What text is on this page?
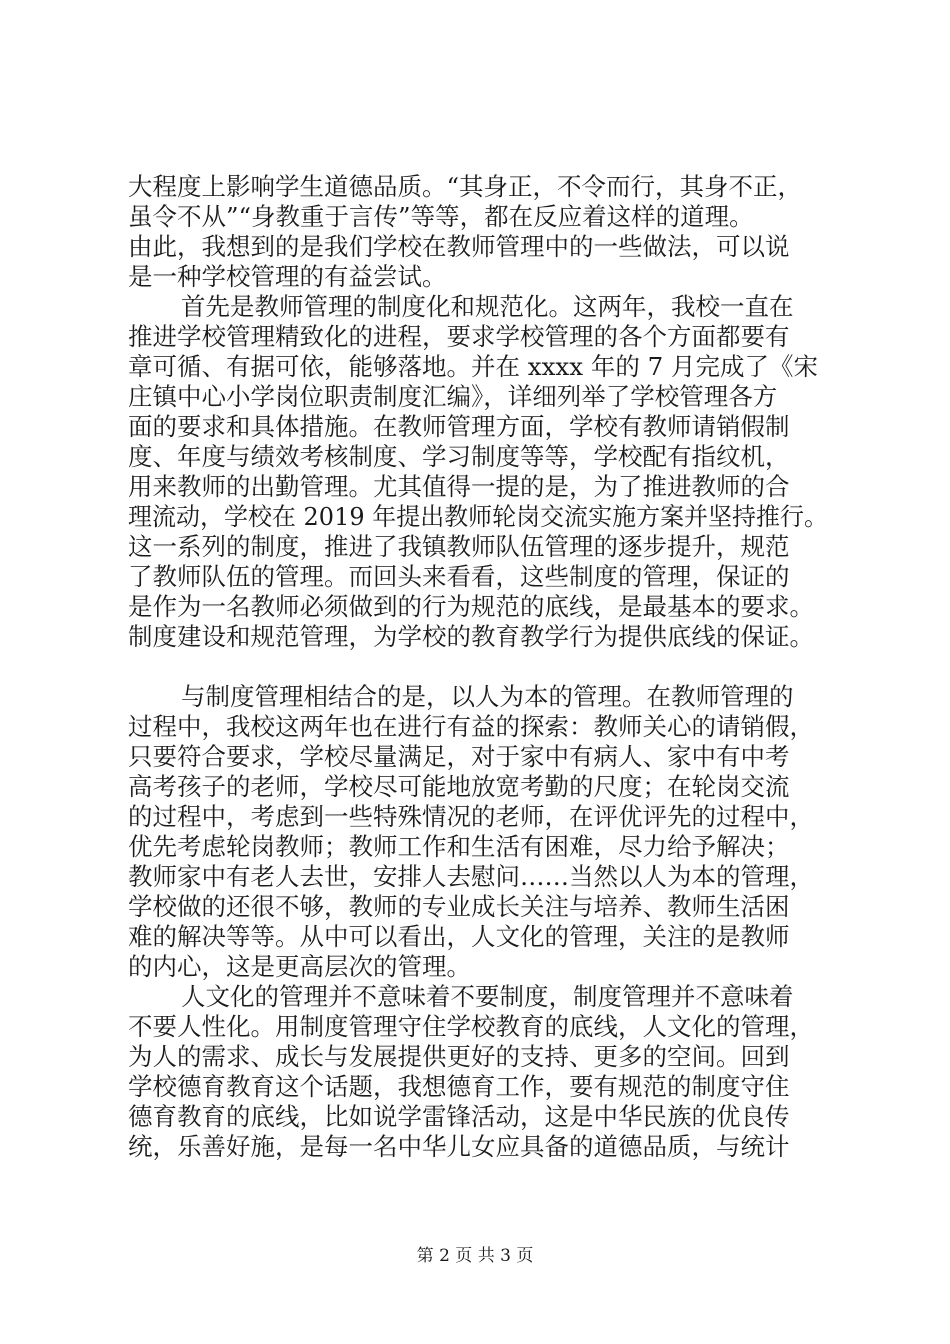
大程度上影响学生道德品质。“其身正，不令而行，其身不正，
虽令不从”“身教重于言传”等等，都在反应着这样的道理。
由此，我想到的是我们学校在教师管理中的一些做法，可以说
是一种学校管理的有益尝试。
首先是教师管理的制度化和规范化。这两年，我校一直在
推进学校管理精致化的进程，要求学校管理的各个方面都要有
章可循、有据可依，能够落地。并在 xxxx 年的 7 月完成了《宋
庄镇中心小学岗位职责制度汇编》，详细列举了学校管理各方
面的要求和具体措施。在教师管理方面，学校有教师请销假制
度、年度与绩效考核制度、学习制度等等，学校配有指纹机，
用来教师的出勤管理。尤其值得一提的是，为了推进教师的合
理流动，学校在 2019 年提出教师轮岗交流实施方案并坚持推行。
这一系列的制度，推进了我镇教师队伍管理的逐步提升，规范
了教师队伍的管理。而回头来看看，这些制度的管理，保证的
是作为一名教师必须做到的行为规范的底线，是最基本的要求。
制度建设和规范管理，为学校的教育教学行为提供底线的保证。
与制度管理相结合的是，以人为本的管理。在教师管理的
过程中，我校这两年也在进行有益的探索：教师关心的请销假，
只要符合要求，学校尽量满足，对于家中有病人、家中有中考
高考孩子的老师，学校尽可能地放宽考勤的尺度；在轮岗交流
的过程中，考虑到一些特殊情况的老师，在评优评先的过程中，
优先考虑轮岗教师；教师工作和生活有困难，尽力给予解决；
教师家中有老人去世，安排人去慰问……当然以人为本的管理，
学校做的还很不够，教师的专业成长关注与培养、教师生活困
难的解决等等。从中可以看出，人文化的管理，关注的是教师
的内心，这是更高层次的管理。
人文化的管理并不意味着不要制度，制度管理并不意味着
不要人性化。用制度管理守住学校教育的底线，人文化的管理，
为人的需求、成长与发展提供更好的支持、更多的空间。回到
学校德育教育这个话题，我想德育工作，要有规范的制度守住
德育教育的底线，比如说学雷锋活动，这是中华民族的优良传
统，乐善好施，是每一名中华儿女应具备的道德品质，与统计
第 2 页 共 3 页
